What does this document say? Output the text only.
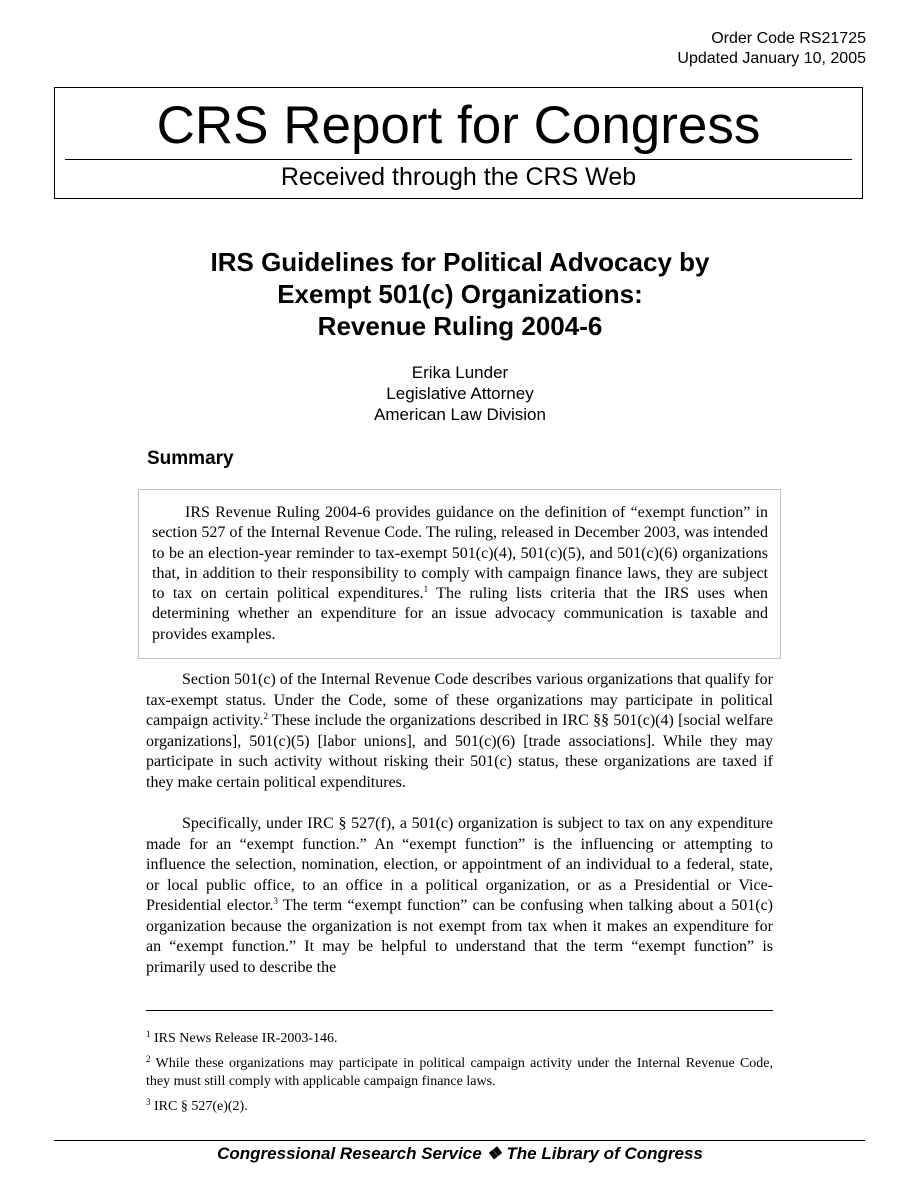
Order Code RS21725
Updated January 10, 2005
CRS Report for Congress
Received through the CRS Web
IRS Guidelines for Political Advocacy by
Exempt 501(c) Organizations:
Revenue Ruling 2004-6
Erika Lunder
Legislative Attorney
American Law Division
Summary

IRS Revenue Ruling 2004-6 provides guidance on the definition of “exempt function” in section 527 of the Internal Revenue Code. The ruling, released in December 2003, was intended to be an election-year reminder to tax-exempt 501(c)(4), 501(c)(5), and 501(c)(6) organizations that, in addition to their responsibility to comply with campaign finance laws, they are subject to tax on certain political expenditures.$^1$ The ruling lists criteria that the IRS uses when determining whether an expenditure for an issue advocacy communication is taxable and provides examples.

Section 501(c) of the Internal Revenue Code describes various organizations that qualify for tax-exempt status. Under the Code, some of these organizations may participate in political campaign activity.$^2$ These include the organizations described in IRC §§ 501(c)(4) [social welfare organizations], 501(c)(5) [labor unions], and 501(c)(6) [trade associations]. While they may participate in such activity without risking their 501(c) status, these organizations are taxed if they make certain political expenditures.

Specifically, under IRC § 527(f), a 501(c) organization is subject to tax on any expenditure made for an “exempt function.” An “exempt function” is the influencing or attempting to influence the selection, nomination, election, or appointment of an individual to a federal, state, or local public office, to an office in a political organization, or as a Presidential or Vice-Presidential elector.$^3$ The term “exempt function” can be confusing when talking about a 501(c) organization because the organization is not exempt from tax when it makes an expenditure for an “exempt function.” It may be helpful to understand that the term “exempt function” is primarily used to describe the

$^1$ IRS News Release IR-2003-146.

$^2$ While these organizations may participate in political campaign activity under the Internal Revenue Code, they must still comply with applicable campaign finance laws.

$^3$ IRC § 527(e)(2).

Congressional Research Service ❖ The Library of Congress
